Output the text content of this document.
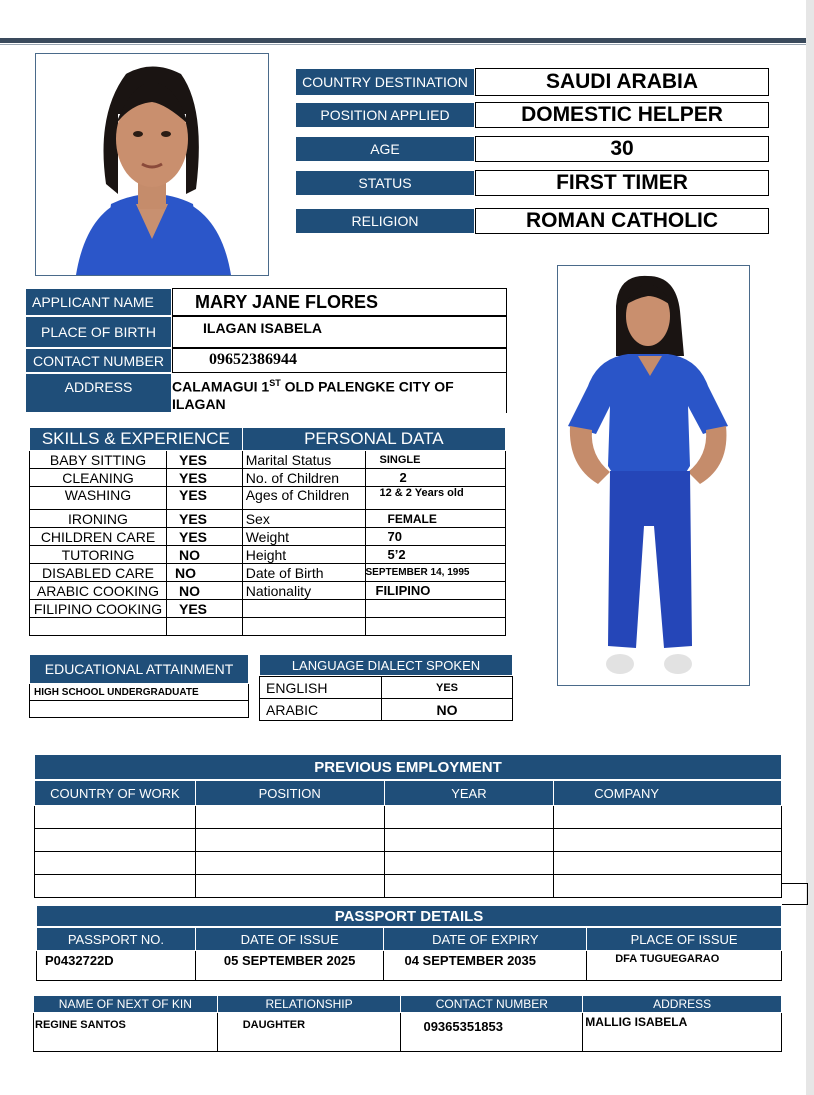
COUNTRY DESTINATION	SAUDI ARABIA
POSITION APPLIED	DOMESTIC HELPER
AGE	30
STATUS	FIRST TIMER
RELIGION	ROMAN CATHOLIC
APPLICANT NAME	MARY JANE FLORES
PLACE OF BIRTH	ILAGAN ISABELA
CONTACT NUMBER	09652386944
ADDRESS	CALAMAGUI 1ST OLD PALENGKE CITY OF ILAGAN
SKILLS & EXPERIENCE		PERSONAL DATA	
BABY SITTING	YES	Marital Status	SINGLE
CLEANING	YES	No. of Children	2
WASHING	YES	Ages of Children	12 & 2 Years old
IRONING	YES	Sex	FEMALE
CHILDREN CARE	YES	Weight	70
TUTORING	NO	Height	5’2
DISABLED CARE	NO	Date of Birth	SEPTEMBER 14, 1995
ARABIC COOKING	NO	Nationality	FILIPINO
FILIPINO COOKING	YES		

EDUCATIONAL ATTAINMENT
HIGH SCHOOL UNDERGRADUATE
LANGUAGE DIALECT SPOKEN
ENGLISH	YES
ARABIC	NO
PREVIOUS EMPLOYMENT
COUNTRY OF WORK	POSITION	YEAR	COMPANY

PASSPORT DETAILS
PASSPORT NO.	DATE OF ISSUE	DATE OF EXPIRY	PLACE OF ISSUE
P0432722D	05 SEPTEMBER 2025	04 SEPTEMBER 2035	DFA TUGUEGARAO
NAME OF NEXT OF KIN	RELATIONSHIP	CONTACT NUMBER	ADDRESS
REGINE SANTOS	DAUGHTER	09365351853	MALLIG ISABELA
